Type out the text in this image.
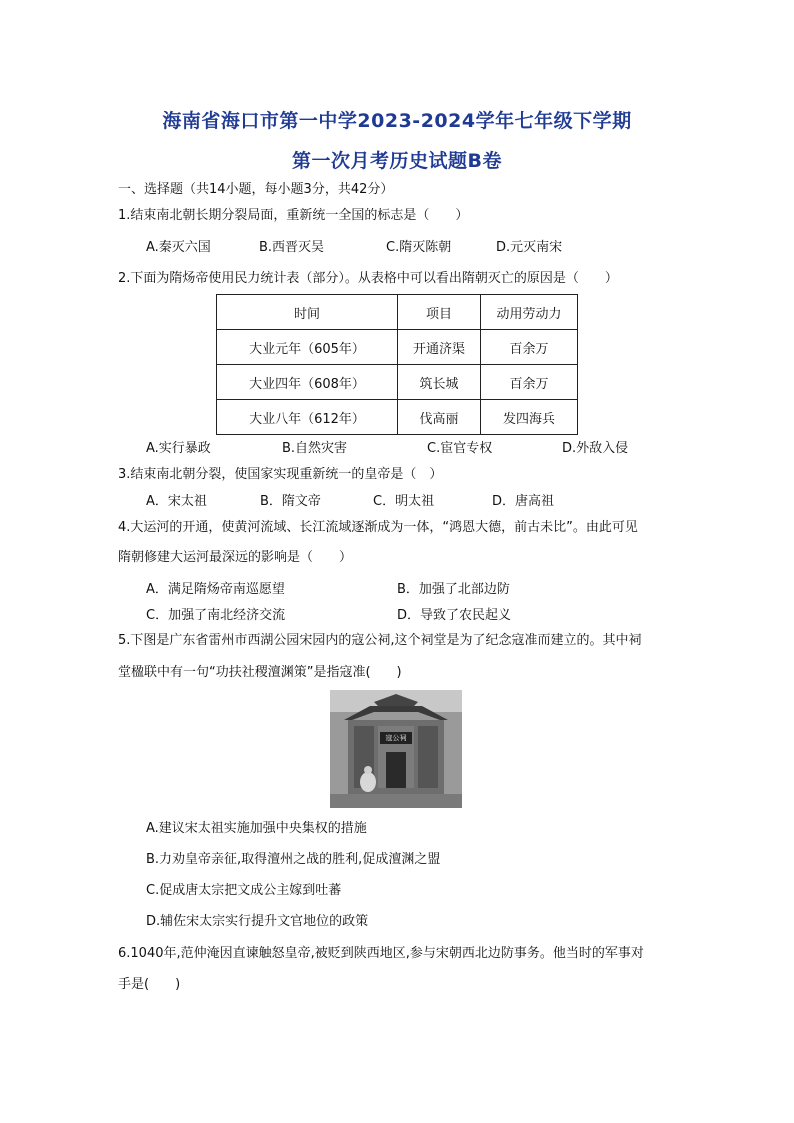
海南省海口市第一中学2023-2024学年七年级下学期
第一次月考历史试题B卷
一、选择题（共14小题，每小题3分，共42分）
1.结束南北朝长期分裂局面，重新统一全国的标志是（　　）
A.秦灭六国	B.西晋灭吴	C.隋灭陈朝	D.元灭南宋
2.下面为隋炀帝使用民力统计表（部分）。从表格中可以看出隋朝灭亡的原因是（　　）
时间	项目	动用劳动力
大业元年（605年）	开通济渠	百余万
大业四年（608年）	筑长城	百余万
大业八年（612年）	伐高丽	发四海兵
A.实行暴政	B.自然灾害	C.宦官专权	D.外敌入侵
3.结束南北朝分裂，使国家实现重新统一的皇帝是（　）
A．宋太祖	B．隋文帝	C．明太祖	D．唐高祖
4.大运河的开通，使黄河流域、长江流域逐渐成为一体，“鸿恩大德，前古未比”。由此可见
隋朝修建大运河最深远的影响是（　　）
A．满足隋炀帝南巡愿望	B．加强了北部边防
C．加强了南北经济交流	D．导致了农民起义
5.下图是广东省雷州市西湖公园宋园内的寇公祠,这个祠堂是为了纪念寇准而建立的。其中祠
堂楹联中有一句“功扶社稷澶渊策”是指寇准(　　)
寇公祠
A.建议宋太祖实施加强中央集权的措施
B.力劝皇帝亲征,取得澶州之战的胜利,促成澶渊之盟
C.促成唐太宗把文成公主嫁到吐蕃
D.辅佐宋太宗实行提升文官地位的政策
6.1040年,范仲淹因直谏触怒皇帝,被贬到陕西地区,参与宋朝西北边防事务。他当时的军事对
手是(　　)
